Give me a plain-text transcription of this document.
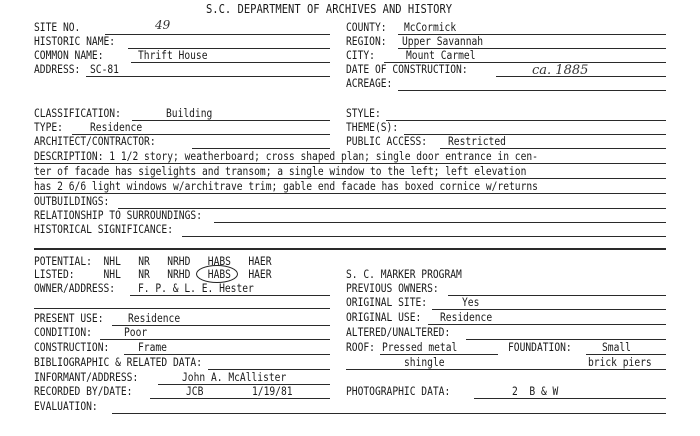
S.C. DEPARTMENT OF ARCHIVES AND HISTORY
SITE NO.	49
HISTORIC NAME:
COMMON NAME:	Thrift House
ADDRESS: SC-81
CLASSIFICATION:	Building
TYPE: Residence
ARCHITECT/CONTRACTOR:
COUNTY: McCormick
REGION: Upper Savannah
CITY:	Mount Carmel
DATE OF CONSTRUCTION:	ca. 1885
ACREAGE:
STYLE:
THEME(S):
PUBLIC ACCESS: Restricted
DESCRIPTION: 1 1/2 story; weatherboard; cross shaped plan; single door entrance in cen-
ter of facade has sigelights and transom; a single window to the left; left elevation
has 2 6/6 light windows w/architrave trim; gable end facade has boxed cornice w/returns
OUTBUILDINGS:
RELATIONSHIP TO SURROUNDINGS:
HISTORICAL SIGNIFICANCE:
POTENTIAL:  NHL   NR   NRHD   HABS   HAER
LISTED:     NHL   NR   NRHD   HABS   HAER	S. C. MARKER PROGRAM
OWNER/ADDRESS: F. P. & L. E. Hester	PREVIOUS OWNERS:
ORIGINAL SITE:	Yes
PRESENT USE: Residence	ORIGINAL USE: Residence
CONDITION:	Poor	ALTERED/UNALTERED:
CONSTRUCTION:	Frame	ROOF: Pressed metal	FOUNDATION:	Small
BIBLIOGRAPHIC & RELATED DATA:	shingle	brick piers
INFORMANT/ADDRESS:	John A. McAllister
RECORDED BY/DATE:	JCB	1/19/81	PHOTOGRAPHIC DATA:	2  B & W
EVALUATION:
